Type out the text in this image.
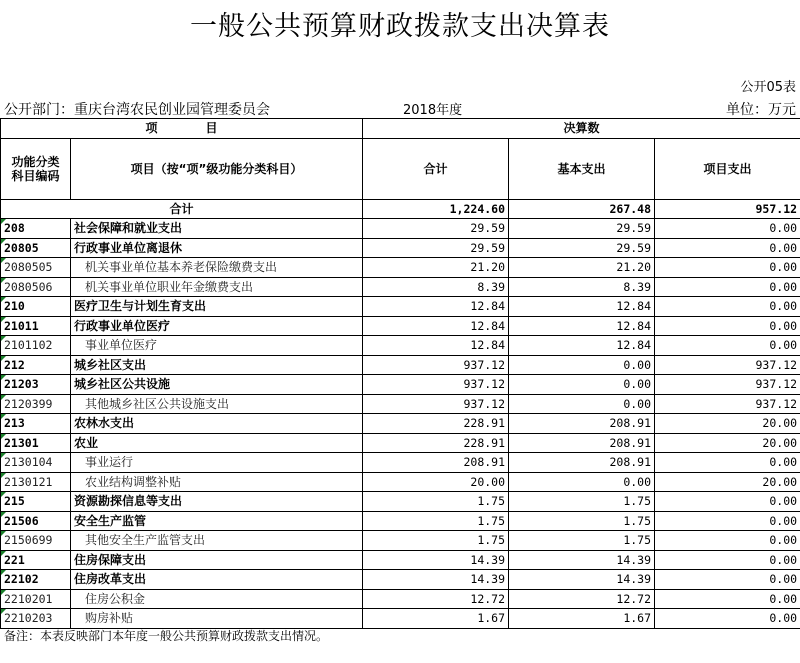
一般公共预算财政拨款支出决算表
公开05表
公开部门：重庆台湾农民创业园管理委员会	2018年度	单位：万元
项　　　　目		决算数		
功能分类
科目编码	项目（按“项”级功能分类科目）	合计	基本支出	项目支出
合计		1,224.60	267.48	957.12
208	社会保障和就业支出	29.59	29.59	0.00
20805	行政事业单位离退休	29.59	29.59	0.00
2080505	机关事业单位基本养老保险缴费支出	21.20	21.20	0.00
2080506	机关事业单位职业年金缴费支出	8.39	8.39	0.00
210	医疗卫生与计划生育支出	12.84	12.84	0.00
21011	行政事业单位医疗	12.84	12.84	0.00
2101102	事业单位医疗	12.84	12.84	0.00
212	城乡社区支出	937.12	0.00	937.12
21203	城乡社区公共设施	937.12	0.00	937.12
2120399	其他城乡社区公共设施支出	937.12	0.00	937.12
213	农林水支出	228.91	208.91	20.00
21301	农业	228.91	208.91	20.00
2130104	事业运行	208.91	208.91	0.00
2130121	农业结构调整补贴	20.00	0.00	20.00
215	资源勘探信息等支出	1.75	1.75	0.00
21506	安全生产监管	1.75	1.75	0.00
2150699	其他安全生产监管支出	1.75	1.75	0.00
221	住房保障支出	14.39	14.39	0.00
22102	住房改革支出	14.39	14.39	0.00
2210201	住房公积金	12.72	12.72	0.00
2210203	购房补贴	1.67	1.67	0.00
备注：本表反映部门本年度一般公共预算财政拨款支出情况。
